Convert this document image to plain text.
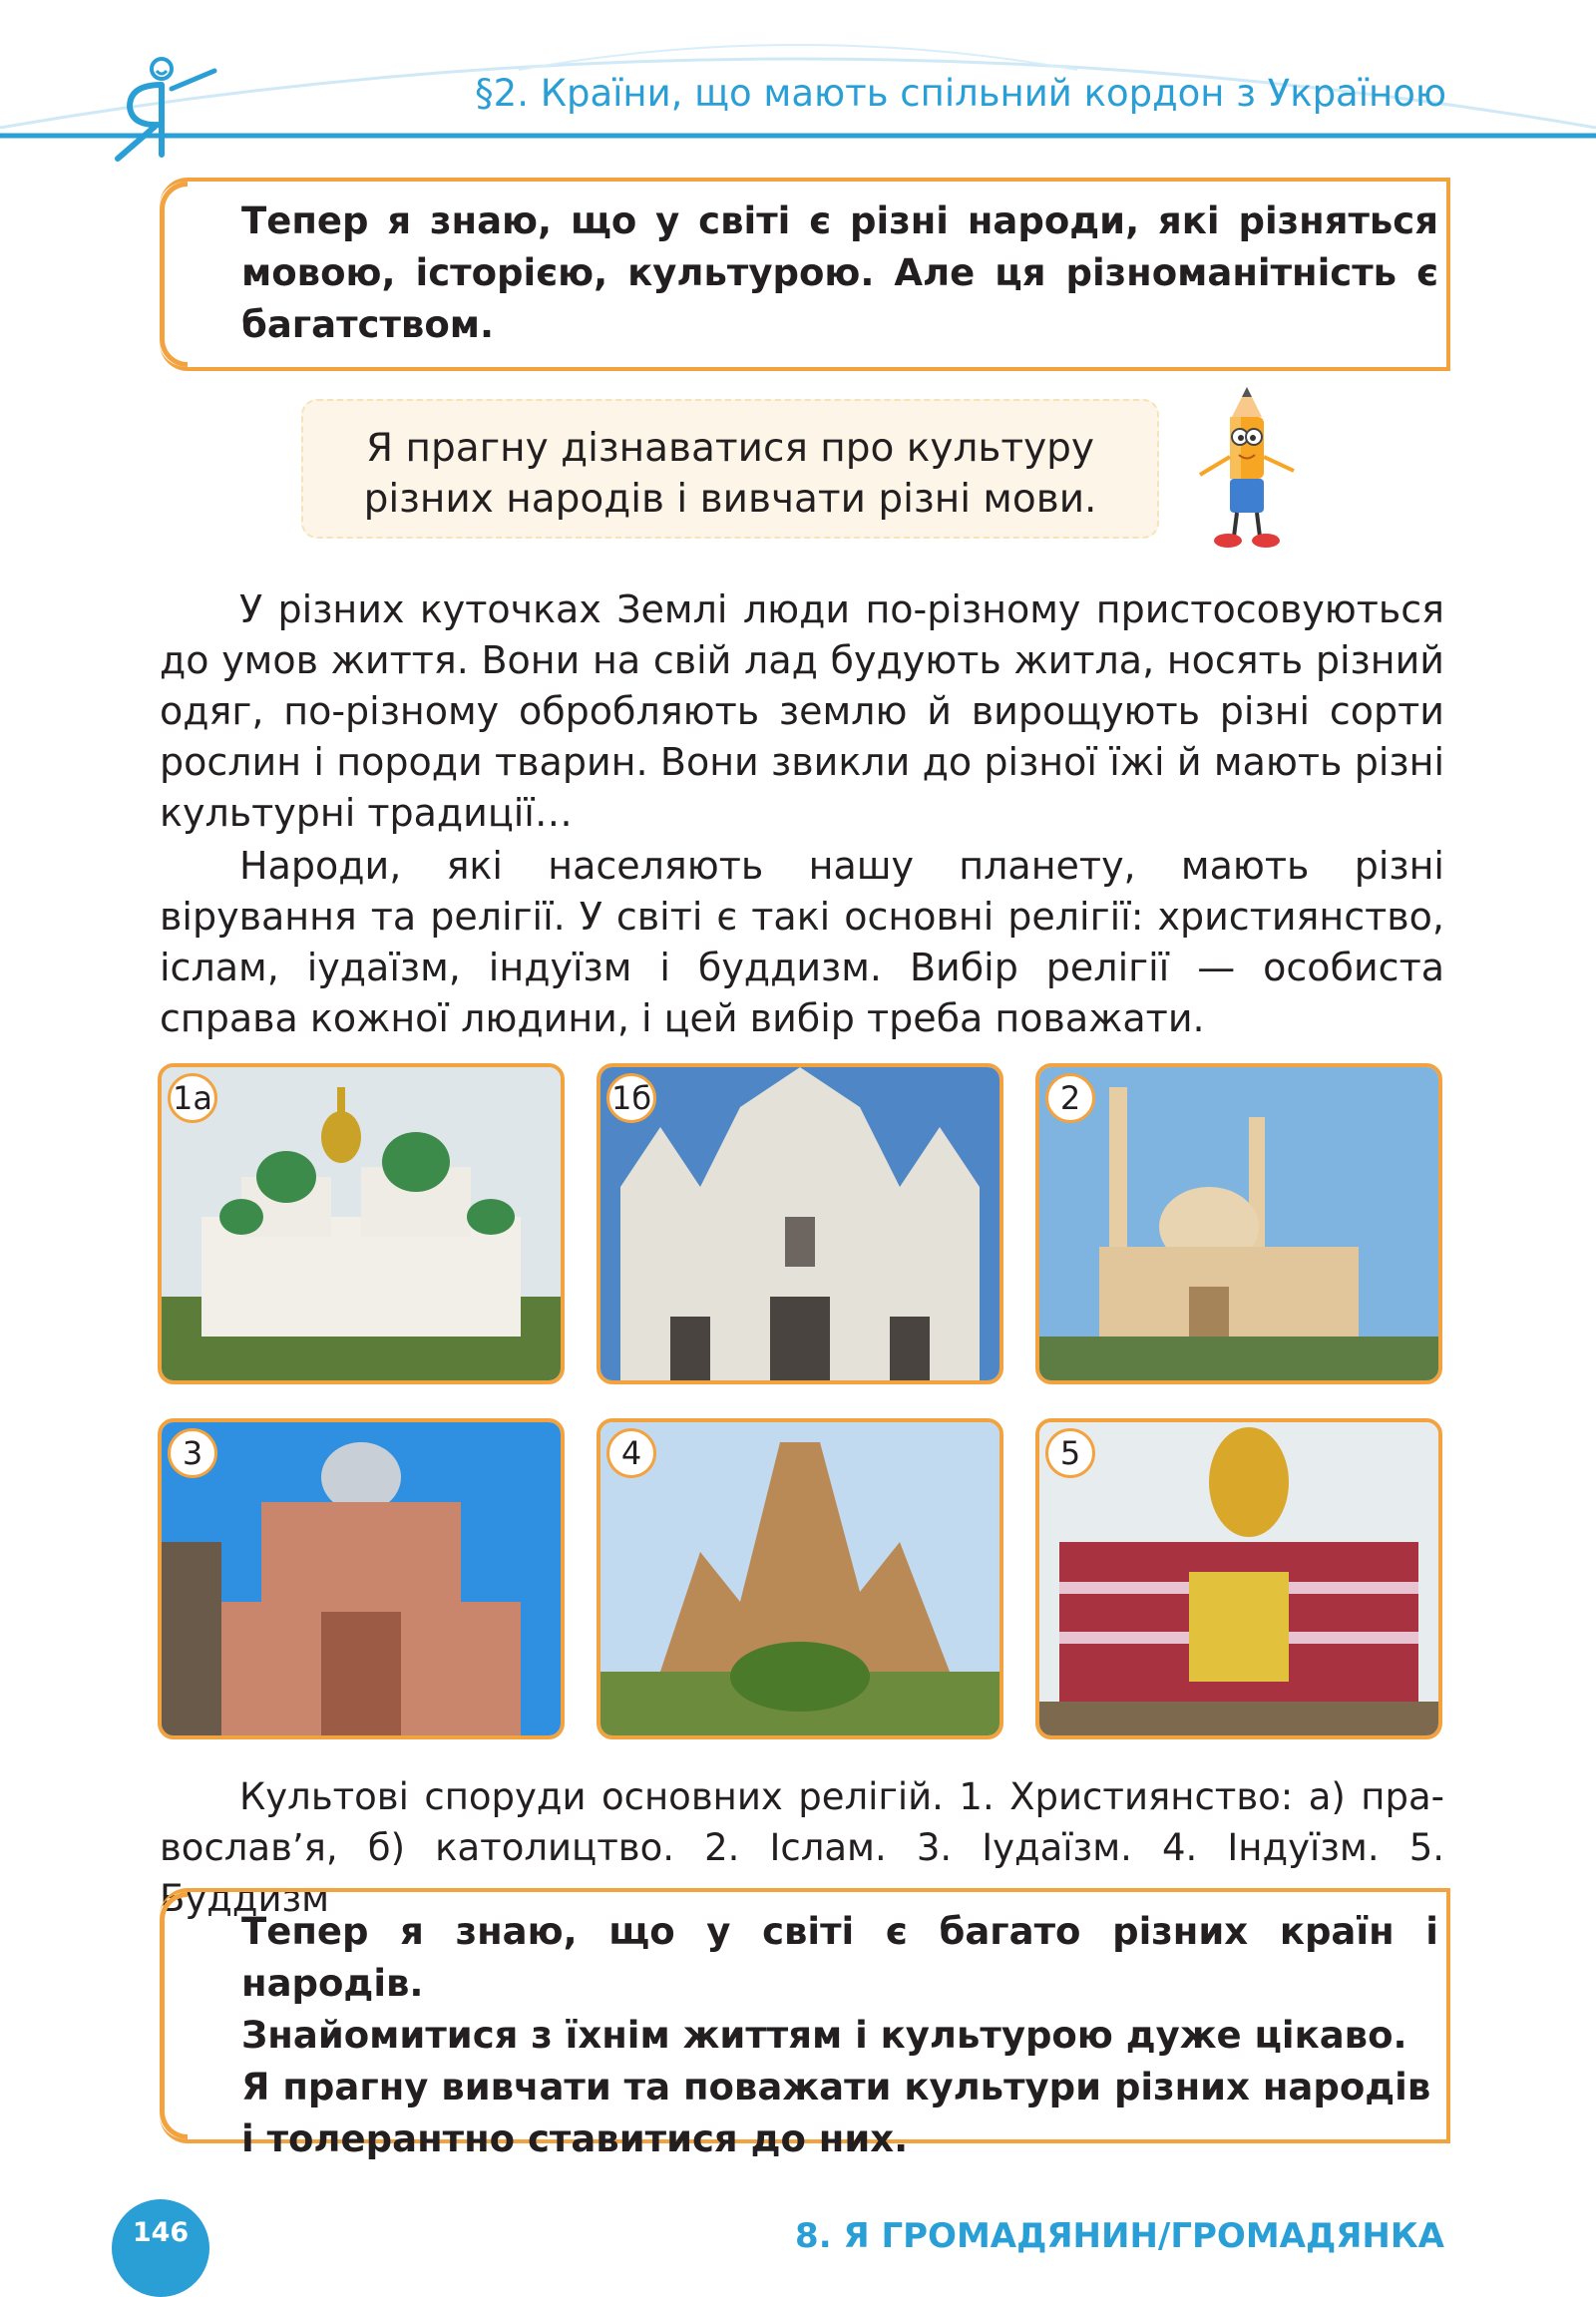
§2. Країни, що мають спільний кордон з Україною
Тепер я знаю, що у світі є різні народи, які різняться мовою, історією, культурою. Але ця різноманітність є багатством.
Я прагну дізнаватися про культуру
різних народів і вивчати різні мови.
У різних куточках Землі люди по-різному пристосовуються до умов життя. Вони на свій лад будують житла, носять різний одяг, по-різному обробляють землю й вирощують різні сорти рослин і породи тварин. Вони звикли до різної їжі й мають різні культурні традиції…
Народи, які населяють нашу планету, мають різні вірування та релігії. У світі є такі основні релігії: християнство, іслам, іудаїзм, індуїзм і буддизм. Вибір релігії — особиста справа кожної людини, і цей вибір треба поважати.
1а	1б	2
3	4	5
Культові споруди основних релігій. 1. Християнство: а) пра-
вослав’я, б) католицтво. 2. Іслам. 3. Іудаїзм. 4. Індуїзм. 5. Буддизм
Тепер я знаю, що у світі є багато різних країн і народів.
Знайомитися з їхнім життям і культурою дуже цікаво.
Я прагну вивчати та поважати культури різних народів
і толерантно ставитися до них.
146	8. Я ГРОМАДЯНИН/ГРОМАДЯНКА
